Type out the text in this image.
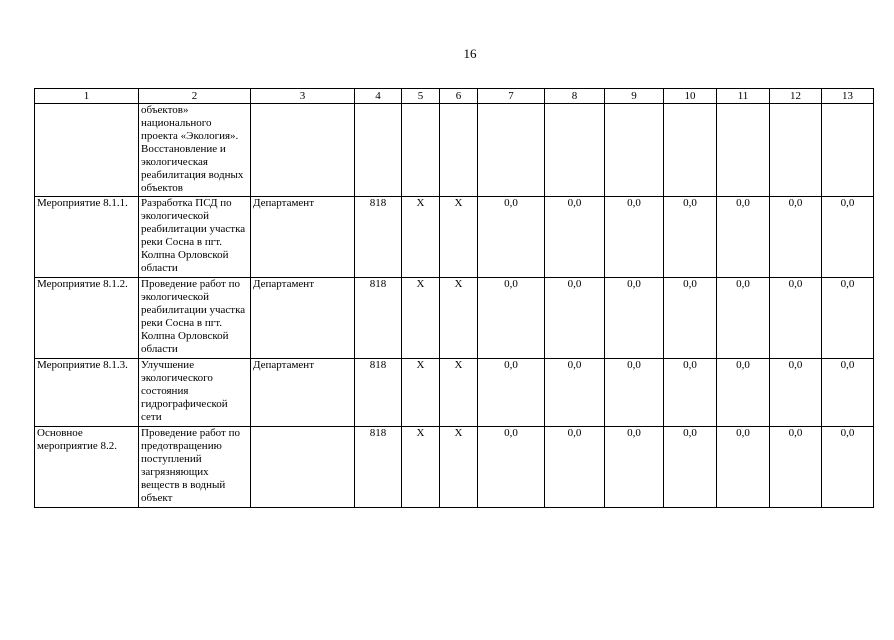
16
1	2	3	4	5	6	7	8	9	10	11	12	13
	объектов» национального проекта «Экология». Восстановление и экологическая реабилитация водных объектов											
Мероприятие 8.1.1.	Разработка ПСД по экологической реабилитации участка реки Сосна в пгт. Колпна Орловской области	Департамент	818	X	X	0,0	0,0	0,0	0,0	0,0	0,0	0,0
Мероприятие 8.1.2.	Проведение работ по экологической реабилитации участка реки Сосна в пгт. Колпна Орловской области	Департамент	818	X	X	0,0	0,0	0,0	0,0	0,0	0,0	0,0
Мероприятие 8.1.3.	Улучшение экологического состояния гидрографической сети	Департамент	818	X	X	0,0	0,0	0,0	0,0	0,0	0,0	0,0
Основное мероприятие 8.2.	Проведение работ по предотвращению поступлений загрязняющих веществ в водный объект		818	X	X	0,0	0,0	0,0	0,0	0,0	0,0	0,0
